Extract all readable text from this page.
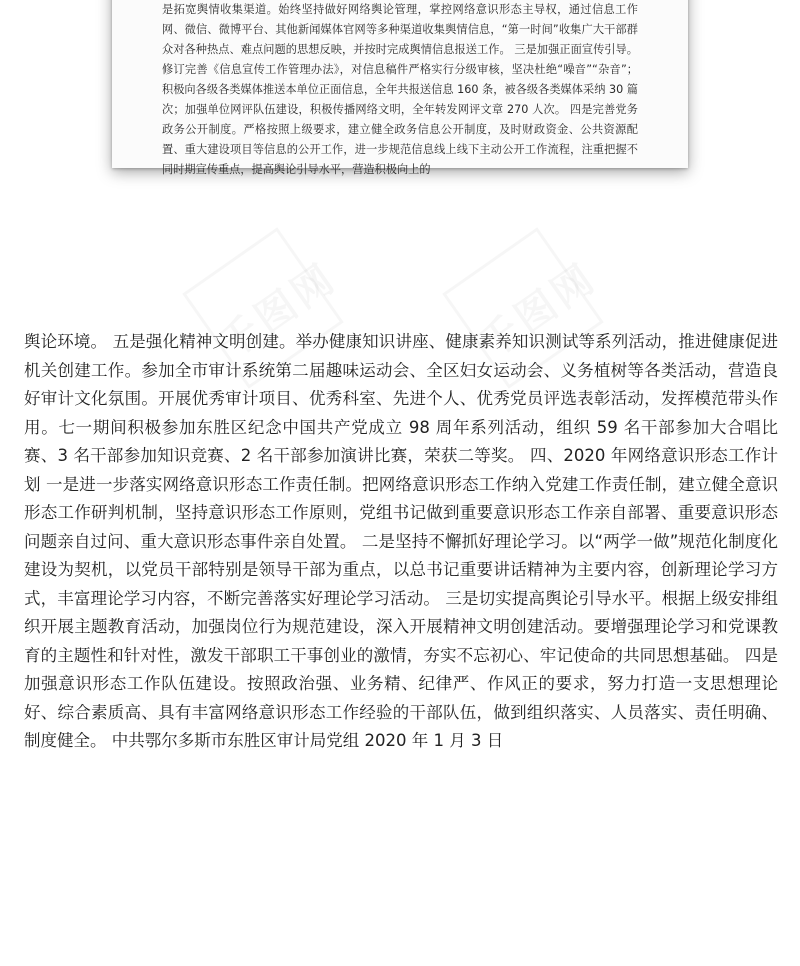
是拓宽舆情收集渠道。始终坚持做好网络舆论管理，掌控网络意识形态主导权，通过信息工作网、微信、微博平台、其他新闻媒体官网等多种渠道收集舆情信息，“第一时间”收集广大干部群众对各种热点、难点问题的思想反映，并按时完成舆情信息报送工作。 三是加强正面宣传引导。修订完善《信息宣传工作管理办法》，对信息稿件严格实行分级审核，坚决杜绝“噪音”“杂音”；积极向各级各类媒体推送本单位正面信息，全年共报送信息 160 条，被各级各类媒体采纳 30 篇次；加强单位网评队伍建设，积极传播网络文明，全年转发网评文章 270 人次。 四是完善党务政务公开制度。严格按照上级要求，建立健全政务信息公开制度，及时财政资金、公共资源配置、重大建设项目等信息的公开工作，进一步规范信息线上线下主动公开工作流程，注重把握不同时期宣传重点，提高舆论引导水平，营造积极向上的

舆论环境。 五是强化精神文明创建。举办健康知识讲座、健康素养知识测试等系列活动，推进健康促进机关创建工作。参加全市审计系统第二届趣味运动会、全区妇女运动会、义务植树等各类活动，营造良好审计文化氛围。开展优秀审计项目、优秀科室、先进个人、优秀党员评选表彰活动，发挥模范带头作用。七一期间积极参加东胜区纪念中国共产党成立 98 周年系列活动，组织 59 名干部参加大合唱比赛、3 名干部参加知识竞赛、2 名干部参加演讲比赛，荣获二等奖。 四、2020 年网络意识形态工作计划 一是进一步落实网络意识形态工作责任制。把网络意识形态工作纳入党建工作责任制，建立健全意识形态工作研判机制，坚持意识形态工作原则，党组书记做到重要意识形态工作亲自部署、重要意识形态问题亲自过问、重大意识形态事件亲自处置。 二是坚持不懈抓好理论学习。以“两学一做”规范化制度化建设为契机，以党员干部特别是领导干部为重点，以总书记重要讲话精神为主要内容，创新理论学习方式，丰富理论学习内容，不断完善落实好理论学习活动。 三是切实提高舆论引导水平。根据上级安排组织开展主题教育活动，加强岗位行为规范建设，深入开展精神文明创建活动。要增强理论学习和党课教育的主题性和针对性，激发干部职工干事创业的激情，夯实不忘初心、牢记使命的共同思想基础。 四是加强意识形态工作队伍建设。按照政治强、业务精、纪律严、作风正的要求，努力打造一支思想理论好、综合素质高、具有丰富网络意识形态工作经验的干部队伍，做到组织落实、人员落实、责任明确、制度健全。 中共鄂尔多斯市东胜区审计局党组 2020 年 1 月 3 日
